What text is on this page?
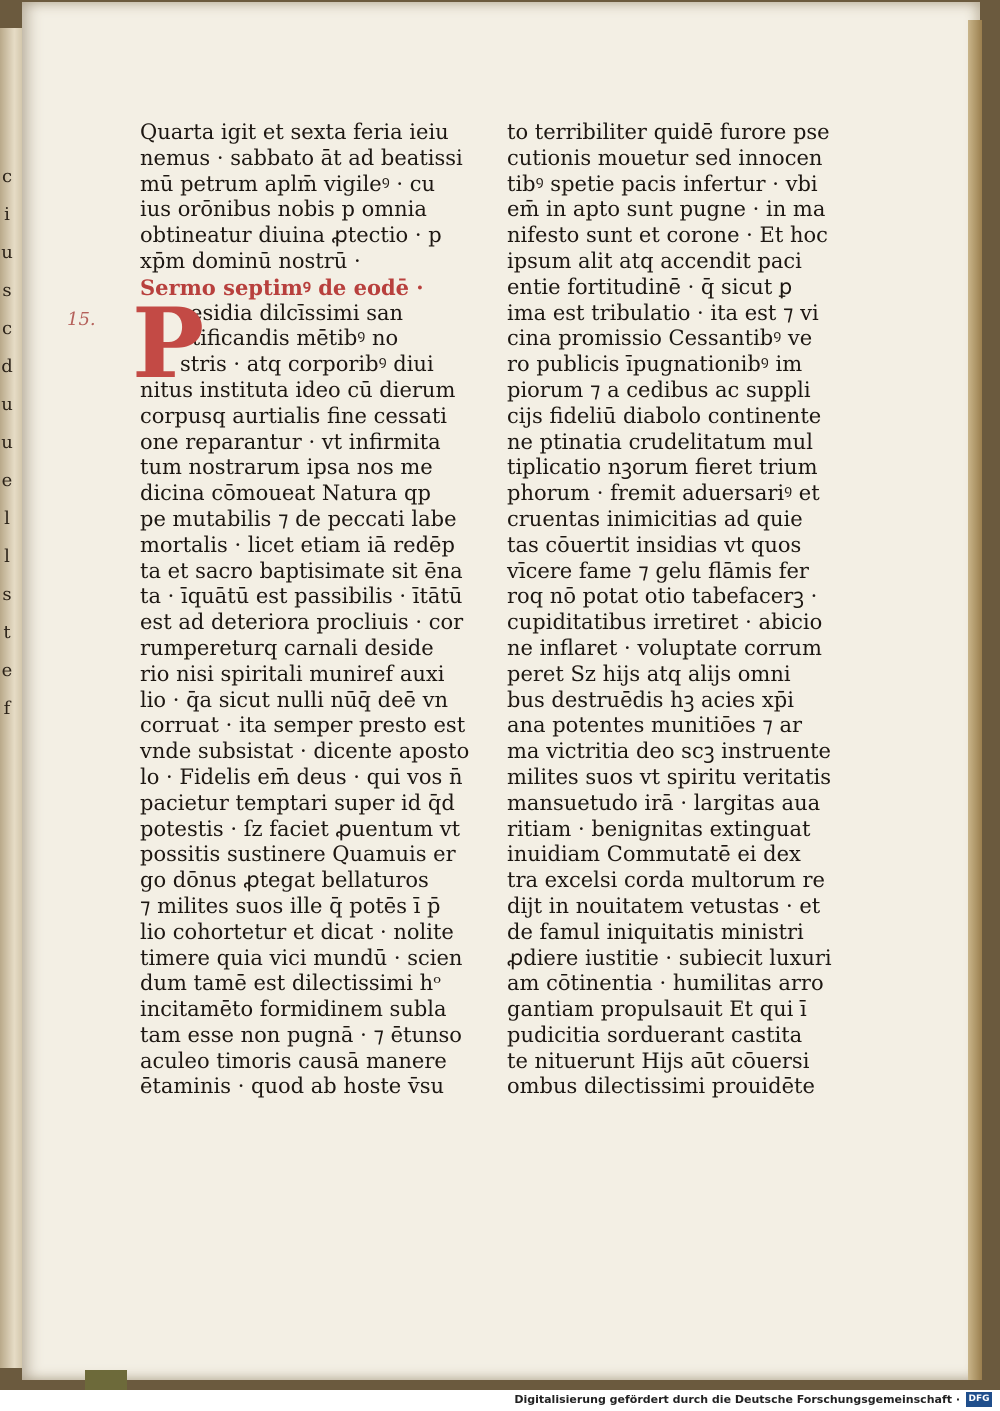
c
i
u
s
c
d
u
u
e
l
l
s
t
e
f
15. P
Quarta igit et sexta feria ieiu
nemus · sabbato āt ad beatissi
mū petrum aplm̄ vigileꝰ · cu
ius orōnibus nobis p omnia
obtineatur diuina ꝓtectio · p
xp̄m dominū nostrū ·
Sermo septimꝰ de eodē ·
residia dilcīssimi san
ctificandis mētibꝰ no
stris · atq corporibꝰ diui
nitus instituta ideo cū dierum
corpusq aurtialis fine cessati
one reparantur · vt infirmita
tum nostrarum ipsa nos me
dicina cōmoueat Natura qp
pe mutabilis ⁊ de peccati labe
mortalis · licet etiam iā redēp
ta et sacro baptisimate sit ēna
ta · īquātū est passibilis · ītātū
est ad deteriora procliuis · cor
rumpereturq carnali deside
rio nisi spiritali muniref auxi
lio · q̄a sicut nulli nūq̄ deē vn
corruat · ita semper presto est
vnde subsistat · dicente aposto
lo · Fidelis em̄ deus · qui vos n̄
pacietur temptari super id q̄d
potestis · ſz faciet ꝓuentum vt
possitis sustinere Quamuis er
go dōnus ꝓtegat bellaturos
⁊ milites suos ille q̄ potēs ī p̄
lio cohortetur et dicat · nolite
timere quia vici mundū · scien
dum tamē est dilectissimi hᵒ
incitamēto formidinem subla
tam esse non pugnā · ⁊ ētunso
aculeo timoris causā manere
ētaminis · quod ab hoste v̄su
to terribiliter quidē furore pse
cutionis mouetur sed innocen
tibꝰ spetie pacis infertur · vbi
em̄ in apto sunt pugne · in ma
nifesto sunt et corone · Et hoc
ipsum alit atq accendit paci
entie fortitudinē · q̄ sicut ꝑ
ima est tribulatio · ita est ⁊ vi
cina promissio Cessantibꝰ ve
ro publicis īpugnationibꝰ im
piorum ⁊ a cedibus ac suppli
cijs fideliū diabolo continente
ne ptinatia crudelitatum mul
tiplicatio nꝫorum fieret trium
phorum · fremit aduersariꝰ et
cruentas inimicitias ad quie
tas cōuertit insidias vt quos
vīcere fame ⁊ gelu flāmis fer
roq nō potat otio tabefacerꝫ ·
cupiditatibus irretiret · abicio
ne inflaret · voluptate corrum
peret Sz hijs atq alijs omni
bus destruēdis hꝫ acies xp̄i
ana potentes munitiōes ⁊ ar
ma victritia deo scꝫ instruente
milites suos vt spiritu veritatis
mansuetudo irā · largitas aua
ritiam · benignitas extinguat
inuidiam Commutatē ei dex
tra excelsi corda multorum re
dijt in nouitatem vetustas · et
de famul iniquitatis ministri
ꝓdiere iustitie · subiecit luxuri
am cōtinentia · humilitas arro
gantiam propulsauit Et qui ī
pudicitia sorduerant castita
te nituerunt Hijs aūt cōuersi
ombus dilectissimi prouidēte
Digitalisierung gefördert durch die Deutsche Forschungsgemeinschaft · DFG
